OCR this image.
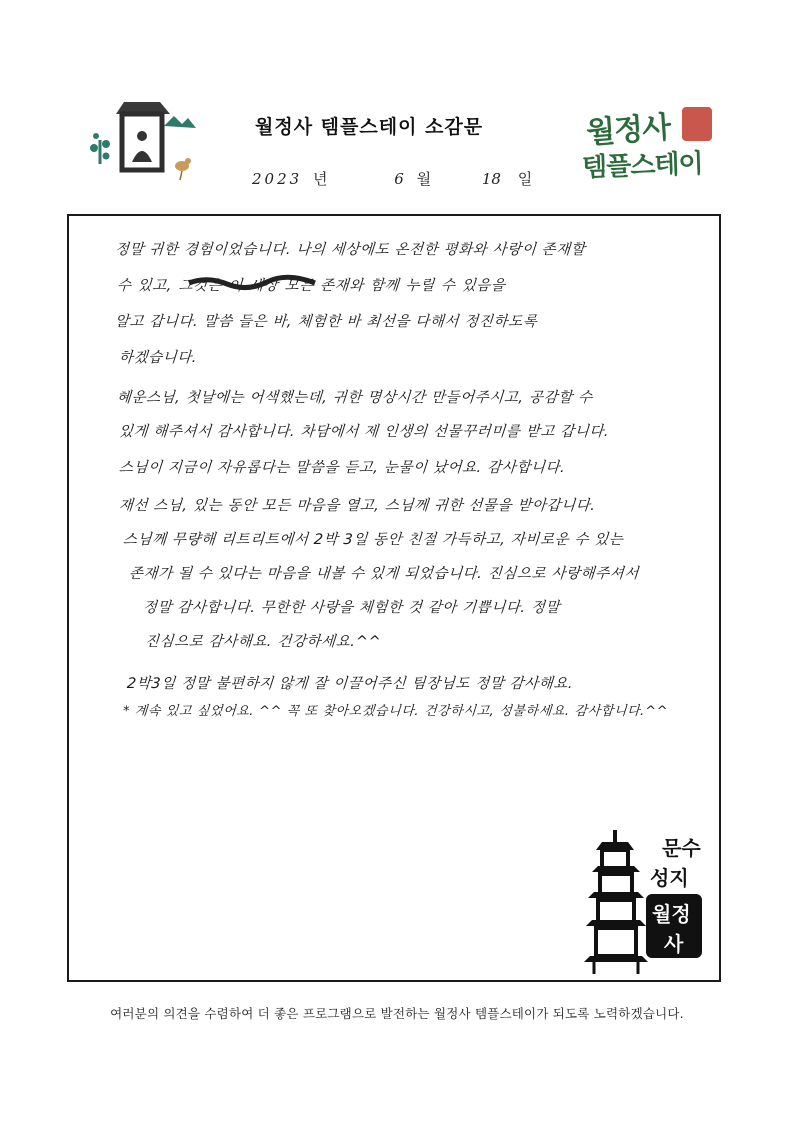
월정사 템플스테이 소감문
2023 년	6 월	18 일
월정사
템플스테이
정말 귀한 경험이었습니다. 나의 세상에도 온전한 평화와 사랑이 존재할
수 있고, 그것은 이 세상 모든 존재와 함께 누릴 수 있음을
알고 갑니다. 말씀 들은 바, 체험한 바 최선을 다해서 정진하도록
하겠습니다.
혜운스님, 첫날에는 어색했는데, 귀한 명상시간 만들어주시고, 공감할 수
있게 해주셔서 감사합니다. 차담에서 제 인생의 선물꾸러미를 받고 갑니다.
스님이 지금이 자유롭다는 말씀을 듣고, 눈물이 났어요. 감사합니다.
재선 스님, 있는 동안 모든 마음을 열고, 스님께 귀한 선물을 받아갑니다.
스님께 무량해 리트리트에서 2박 3일 동안 친절 가득하고, 자비로운 수 있는
존재가 될 수 있다는 마음을 내볼 수 있게 되었습니다. 진심으로 사랑해주셔서
정말 감사합니다. 무한한 사랑을 체험한 것 같아 기쁩니다. 정말
진심으로 감사해요. 건강하세요.^^
2박3일 정말 불편하지 않게 잘 이끌어주신 팀장님도 정말 감사해요.
* 계속 있고 싶었어요. ^^ 꼭 또 찾아오겠습니다. 건강하시고, 성불하세요. 감사합니다.^^
문수
성지
월정
사
여러분의 의견을 수렴하여 더 좋은 프로그램으로 발전하는 월정사 템플스테이가 되도록 노력하겠습니다.
